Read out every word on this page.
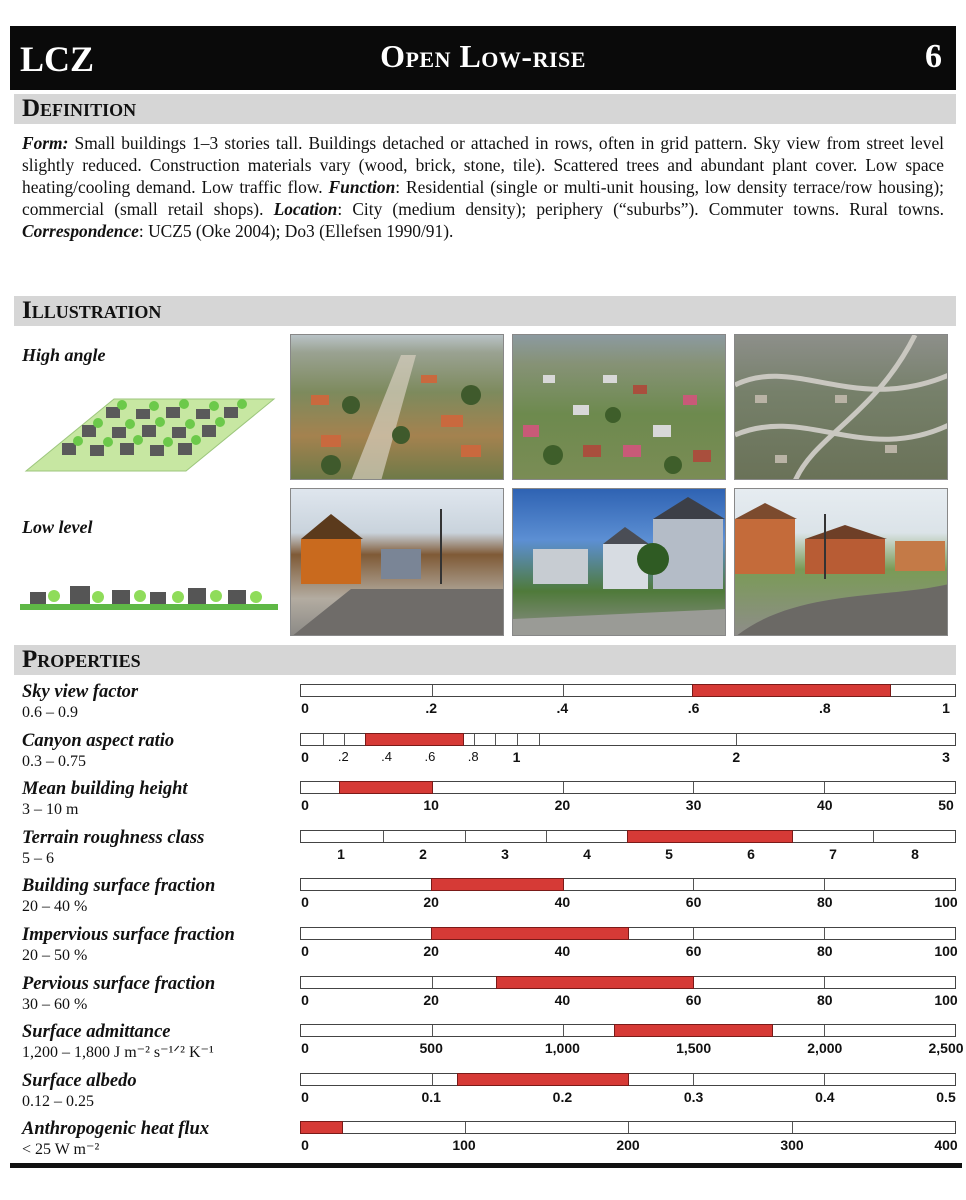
LCZ	Open Low-rise	6
Definition
Form: Small buildings 1–3 stories tall. Buildings detached or attached in rows, often in grid pattern. Sky view from street level slightly reduced. Construction materials vary (wood, brick, stone, tile). Scattered trees and abundant plant cover. Low space heating/cooling demand. Low traffic flow. Function: Residential (single or multi-unit housing, low density terrace/row housing); commercial (small retail shops). Location: City (medium density); periphery (“suburbs”). Commuter towns. Rural towns. Correspondence: UCZ5 (Oke 2004); Do3 (Ellefsen 1990/91).
Illustration
High angle
Low level
Properties
Sky view factor
0.6 – 0.9	0	.2	.4	.6	.8	1
Canyon aspect ratio
0.3 – 0.75	0 .2 .4 .6 .8 1	2	3
Mean building height
3 – 10 m	0	10	20	30	40	50
Terrain roughness class
5 – 6	1	2	3	4	5	6	7	8
Building surface fraction
20 – 40 %	0	20	40	60	80	100
Impervious surface fraction
20 – 50 %	0	20	40	60	80	100
Pervious surface fraction
30 – 60 %	0	20	40	60	80	100
Surface admittance
1,200 – 1,800 J m⁻² s⁻¹ᐟ² K⁻¹	0	500	1,000	1,500	2,000	2,500
Surface albedo
0.12 – 0.25	0	0.1	0.2	0.3	0.4	0.5
Anthropogenic heat flux
< 25 W m⁻²	0	100	200	300	400
